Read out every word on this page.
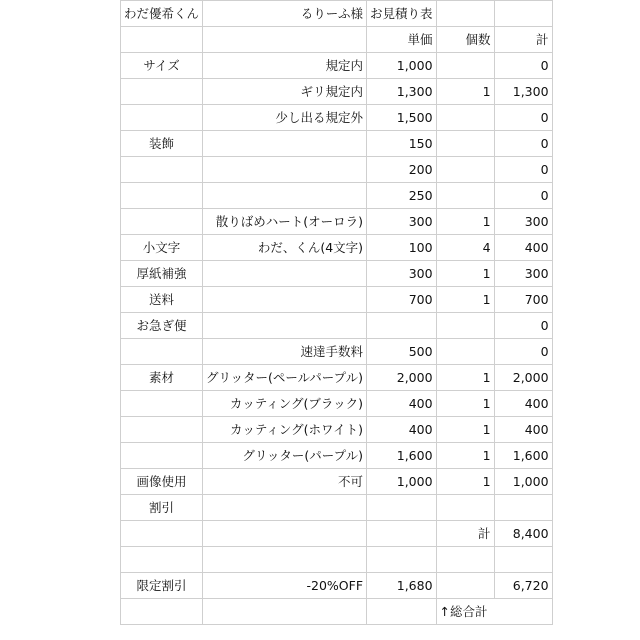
わだ優希くん	るりーふ様	お見積り表		
		単価	個数	計
サイズ	規定内	1,000		0
	ギリ規定内	1,300	1	1,300
	少し出る規定外	1,500		0
装飾		150		0
		200		0
		250		0
	散りばめハート(オーロラ)	300	1	300
小文字	わだ、くん(4文字)	100	4	400
厚紙補強		300	1	300
送料		700	1	700
お急ぎ便				0
	速達手数料	500		0
素材	グリッター(ペールパープル)	2,000	1	2,000
	カッティング(ブラック)	400	1	400
	カッティング(ホワイト)	400	1	400
	グリッター(パープル)	1,600	1	1,600
画像使用	不可	1,000	1	1,000
割引				
			計	8,400

限定割引	-20%OFF	1,680		6,720
			↑総合計	
